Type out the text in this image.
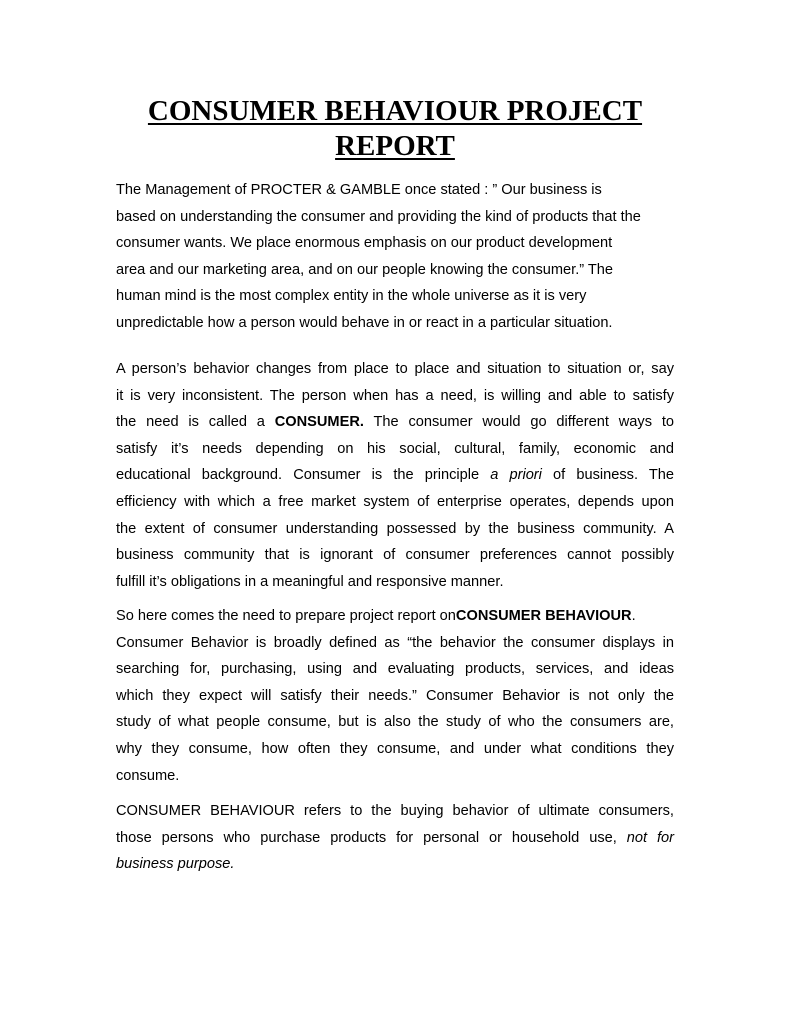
CONSUMER BEHAVIOUR PROJECT
REPORT
The Management of PROCTER & GAMBLE once stated : ” Our business is
based on understanding the consumer and providing the kind of products that the
consumer wants. We place enormous emphasis on our product development
area and our marketing area, and on our people knowing the consumer.” The
human mind is the most complex entity in the whole universe as it is very
unpredictable how a person would behave in or react in a particular situation.
A person’s behavior changes from place to place and situation to situation or, say
it is very inconsistent. The person when has a need, is willing and able to satisfy
the need is called a CONSUMER. The consumer would go different ways to
satisfy it’s needs depending on his social, cultural, family, economic and
educational background. Consumer is the principle a priori of business. The
efficiency with which a free market system of enterprise operates, depends upon
the extent of consumer understanding possessed by the business community. A
business community that is ignorant of consumer preferences cannot possibly
fulfill it’s obligations in a meaningful and responsive manner.
So here comes the need to prepare project report onCONSUMER BEHAVIOUR.
Consumer Behavior is broadly defined as “the behavior the consumer displays in
searching for, purchasing, using and evaluating products, services, and ideas
which they expect will satisfy their needs.” Consumer Behavior is not only the
study of what people consume, but is also the study of who the consumers are,
why they consume, how often they consume, and under what conditions they
consume.
CONSUMER BEHAVIOUR refers to the buying behavior of ultimate consumers,
those persons who purchase products for personal or household use, not for
business purpose.
